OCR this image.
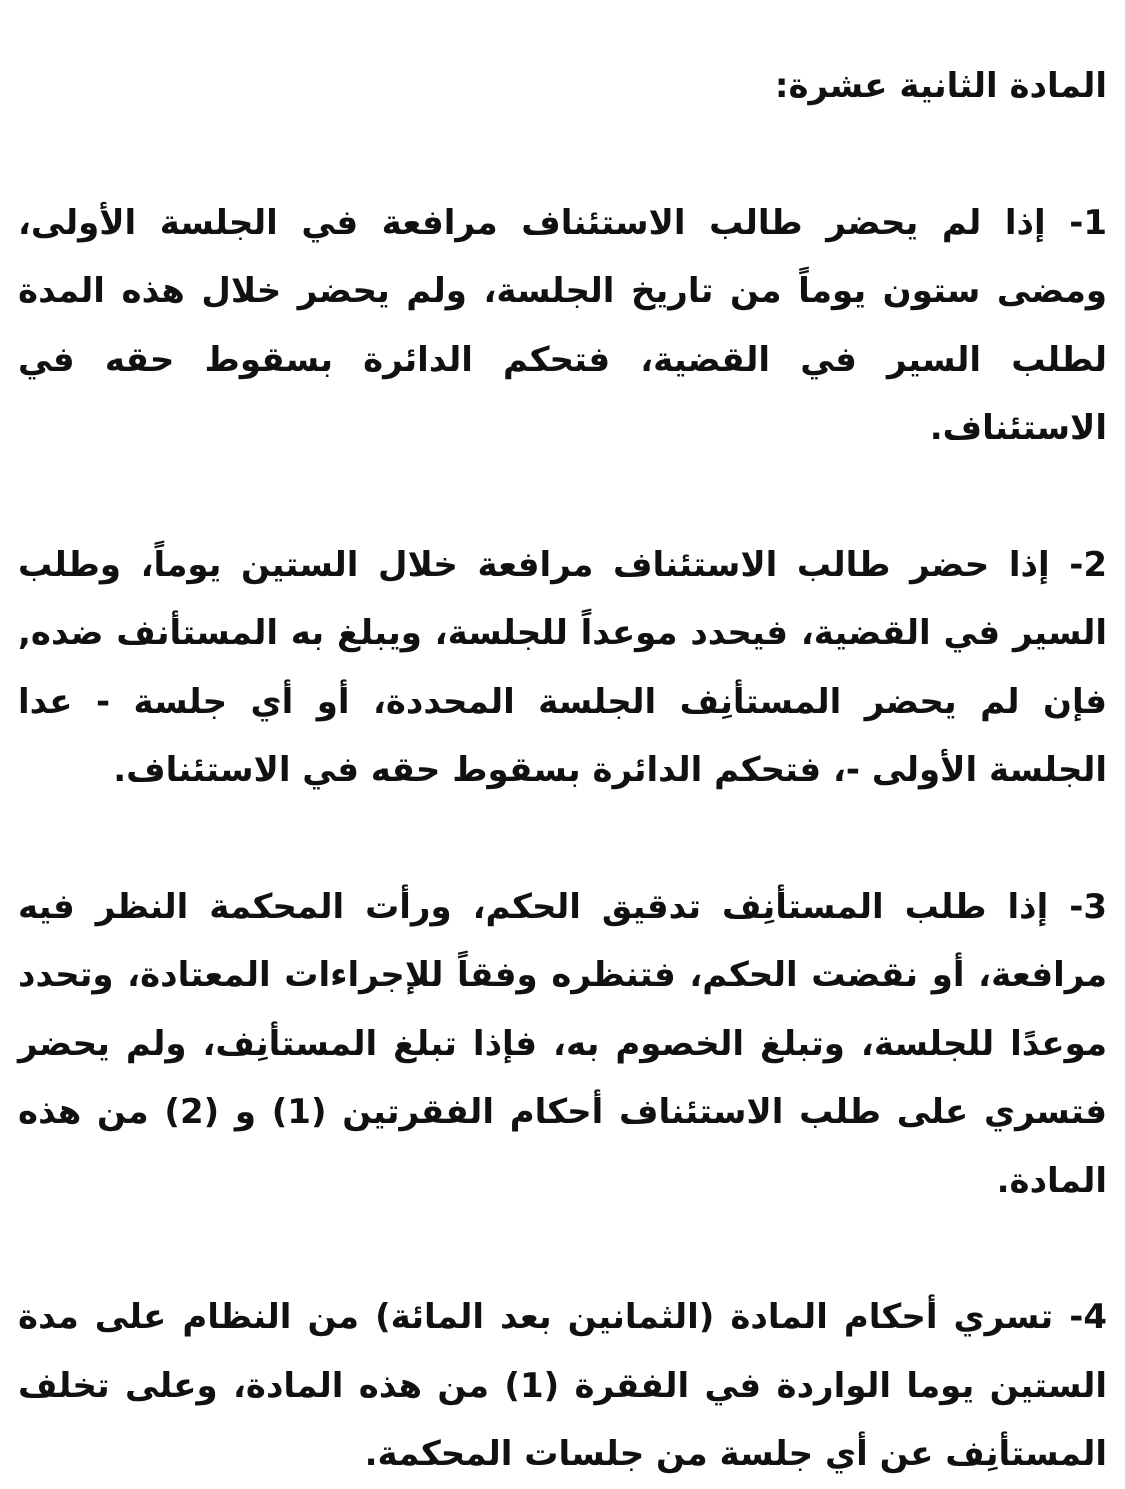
المادة الثانية عشرة:

1- إذا لم يحضر طالب الاستئناف مرافعة في الجلسة الأولى، ومضى ستون يوماً من تاريخ الجلسة، ولم يحضر خلال هذه المدة لطلب السير في القضية، فتحكم الدائرة بسقوط حقه في الاستئناف.

2- إذا حضر طالب الاستئناف مرافعة خلال الستين يوماً، وطلب السير في القضية، فيحدد موعداً للجلسة، ويبلغ به المستأنف ضده, فإن لم يحضر المستأنِف الجلسة المحددة، أو أي جلسة - عدا الجلسة الأولى -، فتحكم الدائرة بسقوط حقه في الاستئناف.

3- إذا طلب المستأنِف تدقيق الحكم، ورأت المحكمة النظر فيه مرافعة، أو نقضت الحكم، فتنظره وفقاً للإجراءات المعتادة، وتحدد موعدًا للجلسة، وتبلغ الخصوم به، فإذا تبلغ المستأنِف، ولم يحضر فتسري على طلب الاستئناف أحكام الفقرتين (1) و (2) من هذه المادة.

4- تسري أحكام المادة (الثمانين بعد المائة) من النظام على مدة الستين يوما الواردة في الفقرة (1) من هذه المادة، وعلى تخلف المستأنِف عن أي جلسة من جلسات المحكمة.
